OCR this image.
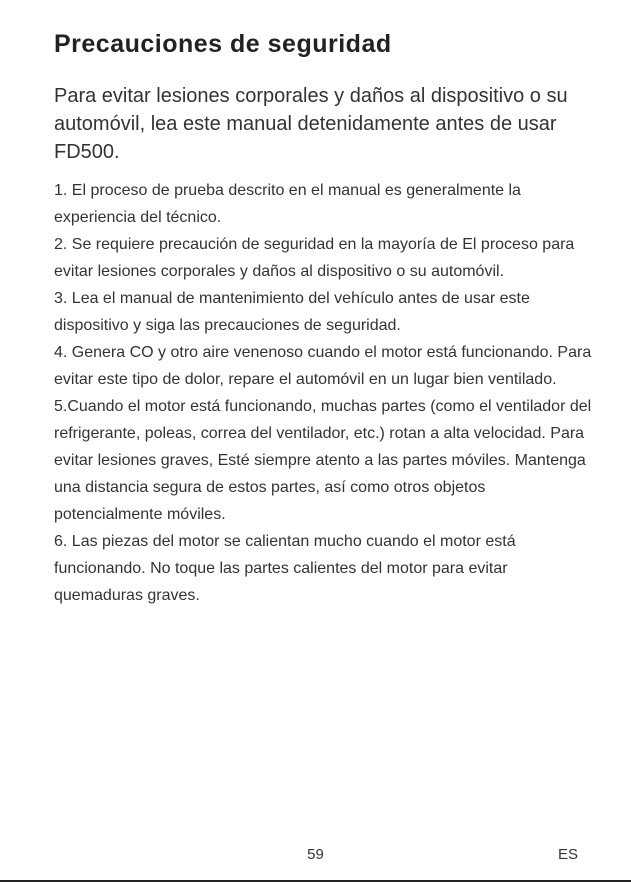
Precauciones de seguridad

Para evitar lesiones corporales y daños al dispositivo o su automóvil, lea este manual detenidamente antes de usar FD500.

1. El proceso de prueba descrito en el manual es generalmente la experiencia del técnico.
2. Se requiere precaución de seguridad en la mayoría de El proceso para evitar lesiones corporales y daños al dispositivo o su automóvil.
3. Lea el manual de mantenimiento del vehículo antes de usar este dispositivo y siga las precauciones de seguridad.
4. Genera CO y otro aire venenoso cuando el motor está funcionando. Para evitar este tipo de dolor, repare el automóvil en un lugar bien ventilado.
5.Cuando el motor está funcionando, muchas partes (como el ventilador del refrigerante, poleas, correa del ventilador, etc.) rotan a alta velocidad. Para evitar lesiones graves, Esté siempre atento a las partes móviles. Mantenga una distancia segura de estos partes, así como otros objetos potencialmente móviles.
6. Las piezas del motor se calientan mucho cuando el motor está funcionando. No toque las partes calientes del motor para evitar quemaduras graves.
59	ES
